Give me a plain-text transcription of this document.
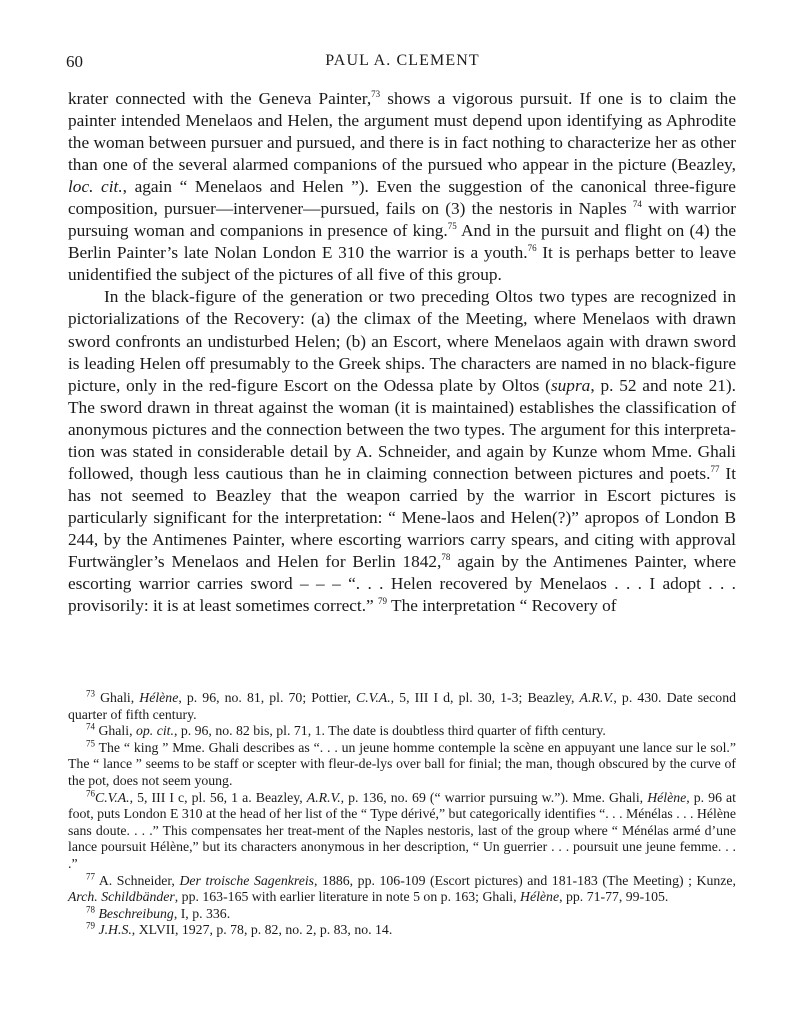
60	PAUL A. CLEMENT

krater connected with the Geneva Painter,$^{73}$ shows a vigorous pursuit. If one is to claim the painter intended Menelaos and Helen, the argument must depend upon identifying as Aphrodite the woman between pursuer and pursued, and there is in fact nothing to characterize her as other than one of the several alarmed companions of the pursued who appear in the picture (Beazley, loc. cit., again “ Menelaos and Helen ”). Even the suggestion of the canonical three-figure composition, pursuer—intervener—pursued, fails on (3) the nestoris in Naples $^{74}$ with warrior pursuing woman and companions in presence of king.$^{75}$ And in the pursuit and flight on (4) the Berlin Painter’s late Nolan London E 310 the warrior is a youth.$^{76}$ It is perhaps better to leave unidentified the subject of the pictures of all five of this group.

In the black-figure of the generation or two preceding Oltos two types are recognized in pictorializations of the Recovery: (a) the climax of the Meeting, where Menelaos with drawn sword confronts an undisturbed Helen; (b) an Escort, where Menelaos again with drawn sword is leading Helen off presumably to the Greek ships. The characters are named in no black-figure picture, only in the red-figure Escort on the Odessa plate by Oltos (supra, p. 52 and note 21). The sword drawn in threat against the woman (it is maintained) establishes the classification of anonymous pictures and the connection between the two types. The argument for this interpreta-tion was stated in considerable detail by A. Schneider, and again by Kunze whom Mme. Ghali followed, though less cautious than he in claiming connection between pictures and poets.$^{77}$ It has not seemed to Beazley that the weapon carried by the warrior in Escort pictures is particularly significant for the interpretation: “ Mene-laos and Helen(?)” apropos of London B 244, by the Antimenes Painter, where escorting warriors carry spears, and citing with approval Furtwängler’s Menelaos and Helen for Berlin 1842,78 again by the Antimenes Painter, where escorting warrior carries sword – – – “. . . Helen recovered by Menelaos . . . I adopt . . . provisorily: it is at least sometimes correct.” $^{79}$ The interpretation “ Recovery of

$^{73}$ Ghali, Hélène, p. 96, no. 81, pl. 70; Pottier, C.V.A., 5, III I d, pl. 30, 1-3; Beazley, A.R.V., p. 430. Date second quarter of fifth century.

$^{74}$ Ghali, op. cit., p. 96, no. 82 bis, pl. 71, 1. The date is doubtless third quarter of fifth century.

$^{75}$ The “ king ” Mme. Ghali describes as “. . . un jeune homme contemple la scène en appuyant une lance sur le sol.” The “ lance ” seems to be staff or scepter with fleur-de-lys over ball for finial; the man, though obscured by the curve of the pot, does not seem young.

$^{76}$C.V.A., 5, III I c, pl. 56, 1 a. Beazley, A.R.V., p. 136, no. 69 (“ warrior pursuing w.”). Mme. Ghali, Hélène, p. 96 at foot, puts London E 310 at the head of her list of the “ Type dérivé,” but categorically identifies “. . . Ménélas . . . Hélène sans doute. . . .” This compensates her treat-ment of the Naples nestoris, last of the group where “ Ménélas armé d’une lance poursuit Hélène,” but its characters anonymous in her description, “ Un guerrier . . . poursuit une jeune femme. . . .”

$^{77}$ A. Schneider, Der troische Sagenkreis, 1886, pp. 106-109 (Escort pictures) and 181-183 (The Meeting) ; Kunze, Arch. Schildbänder, pp. 163-165 with earlier literature in note 5 on p. 163; Ghali, Hélène, pp. 71-77, 99-105.

$^{78}$ Beschreibung, I, p. 336.

$^{79}$ J.H.S., XLVII, 1927, p. 78, p. 82, no. 2, p. 83, no. 14.
